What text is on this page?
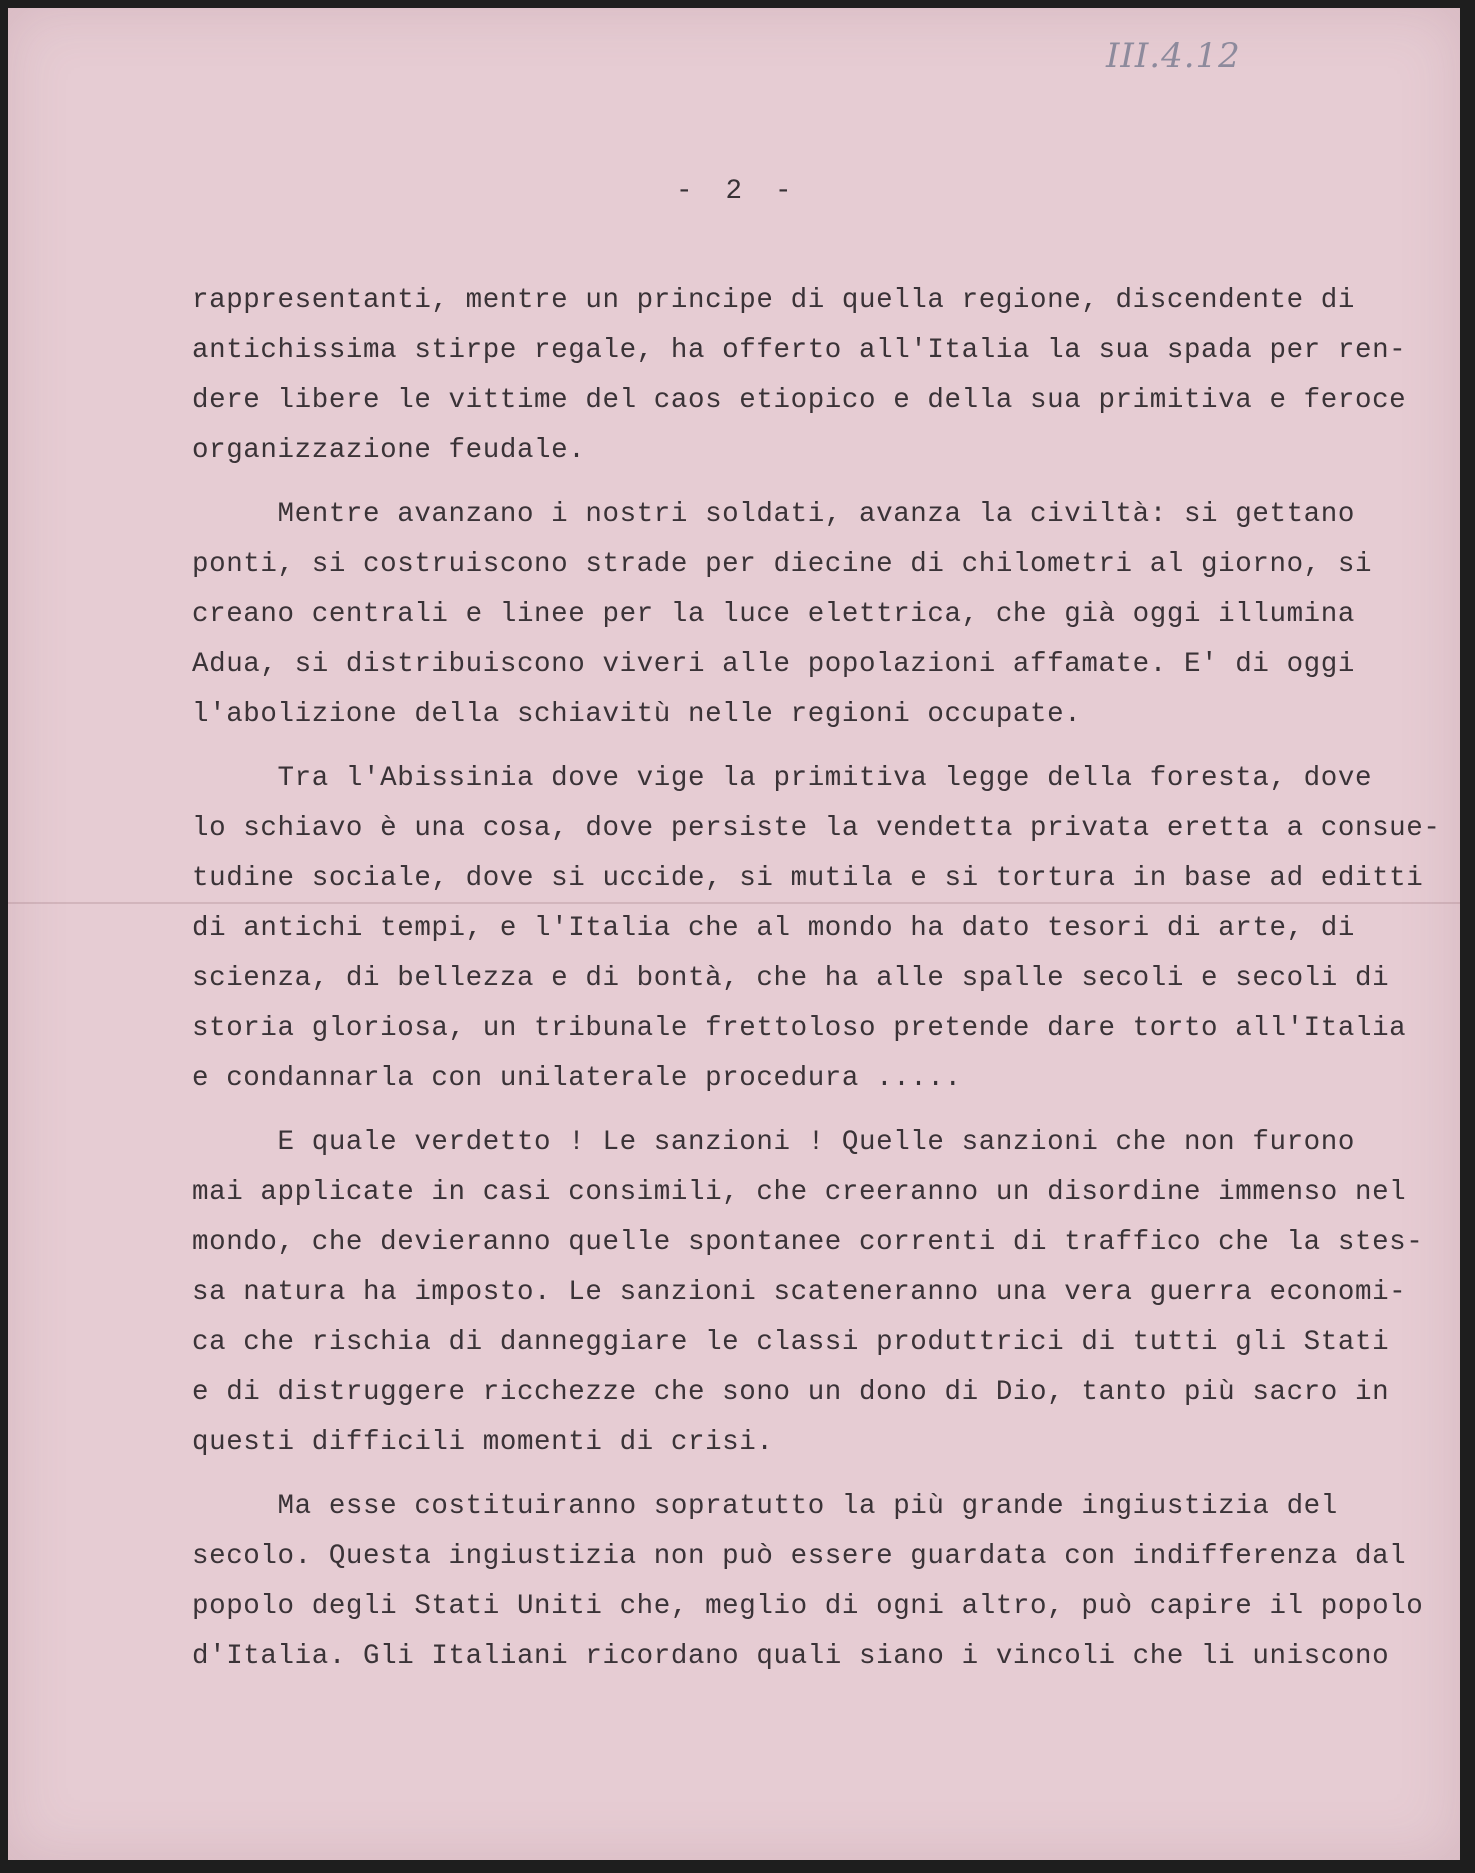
III.4.12
-  2  -
rappresentanti, mentre un principe di quella regione, discendente di
antichissima stirpe regale, ha offerto all'Italia la sua spada per ren-
dere libere le vittime del caos etiopico e della sua primitiva e feroce
organizzazione feudale.
Mentre avanzano i nostri soldati, avanza la civiltà: si gettano
ponti, si costruiscono strade per diecine di chilometri al giorno, si
creano centrali e linee per la luce elettrica, che già oggi illumina
Adua, si distribuiscono viveri alle popolazioni affamate. E' di oggi
l'abolizione della schiavitù nelle regioni occupate.
Tra l'Abissinia dove vige la primitiva legge della foresta, dove
lo schiavo è una cosa, dove persiste la vendetta privata eretta a consue-
tudine sociale, dove si uccide, si mutila e si tortura in base ad editti
di antichi tempi, e l'Italia che al mondo ha dato tesori di arte, di
scienza, di bellezza e di bontà, che ha alle spalle secoli e secoli di
storia gloriosa, un tribunale frettoloso pretende dare torto all'Italia
e condannarla con unilaterale procedura .....
E quale verdetto ! Le sanzioni ! Quelle sanzioni che non furono
mai applicate in casi consimili, che creeranno un disordine immenso nel
mondo, che devieranno quelle spontanee correnti di traffico che la stes-
sa natura ha imposto. Le sanzioni scateneranno una vera guerra economi-
ca che rischia di danneggiare le classi produttrici di tutti gli Stati
e di distruggere ricchezze che sono un dono di Dio, tanto più sacro in
questi difficili momenti di crisi.
Ma esse costituiranno sopratutto la più grande ingiustizia del
secolo. Questa ingiustizia non può essere guardata con indifferenza dal
popolo degli Stati Uniti che, meglio di ogni altro, può capire il popolo
d'Italia. Gli Italiani ricordano quali siano i vincoli che li uniscono
